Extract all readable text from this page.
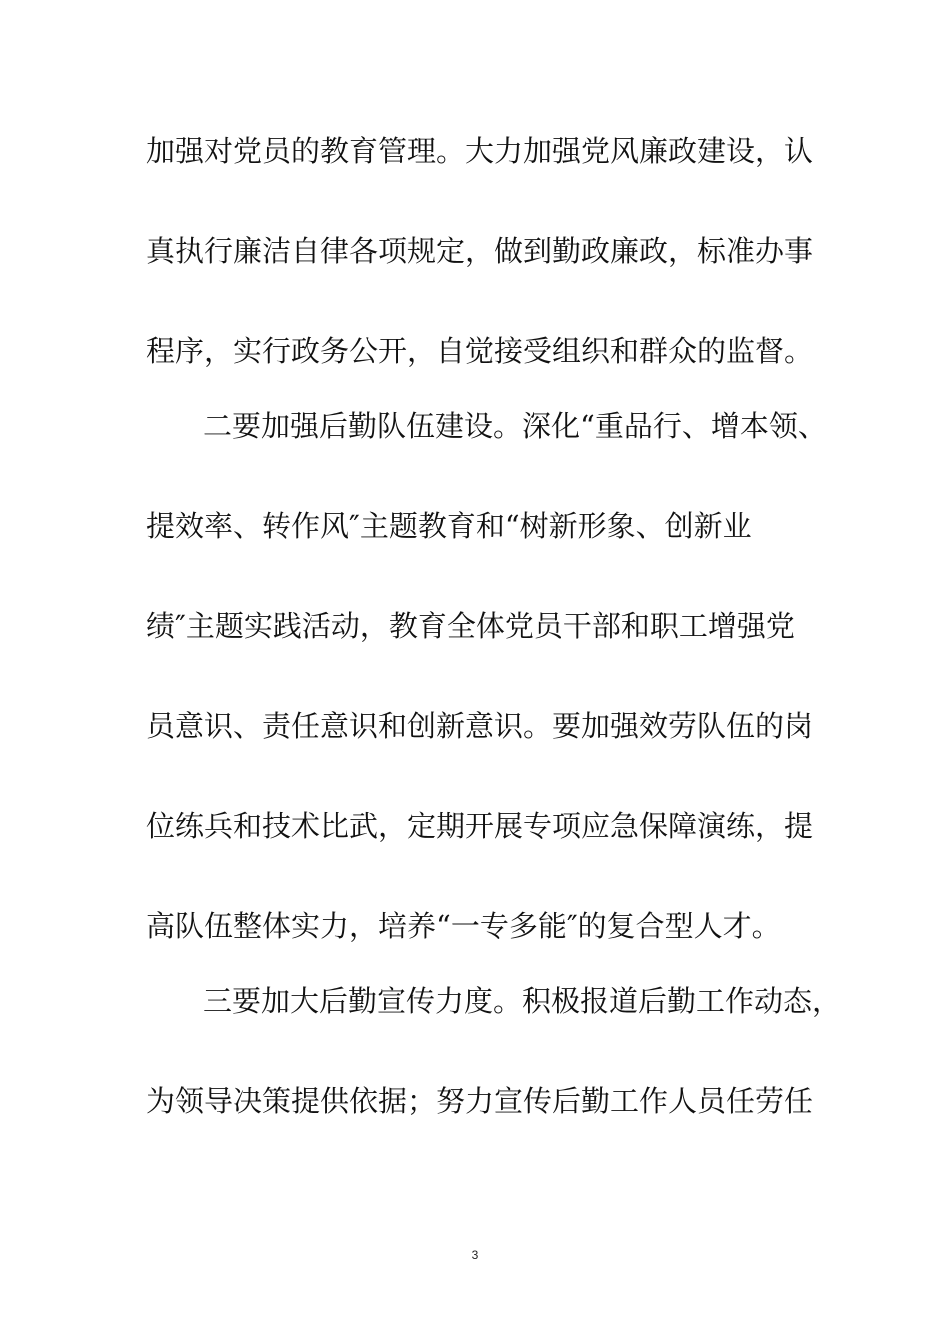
加强对党员的教育管理。大力加强党风廉政建设，认
真执行廉洁自律各项规定，做到勤政廉政，标准办事
程序，实行政务公开，自觉接受组织和群众的监督。
二要加强后勤队伍建设。深化“重品行、增本领、
提效率、转作风″主题教育和“树新形象、创新业
绩″主题实践活动，教育全体党员干部和职工增强党
员意识、责任意识和创新意识。要加强效劳队伍的岗
位练兵和技术比武，定期开展专项应急保障演练，提
高队伍整体实力，培养“一专多能″的复合型人才。
三要加大后勤宣传力度。积极报道后勤工作动态，
为领导决策提供依据；努力宣传后勤工作人员任劳任
3
